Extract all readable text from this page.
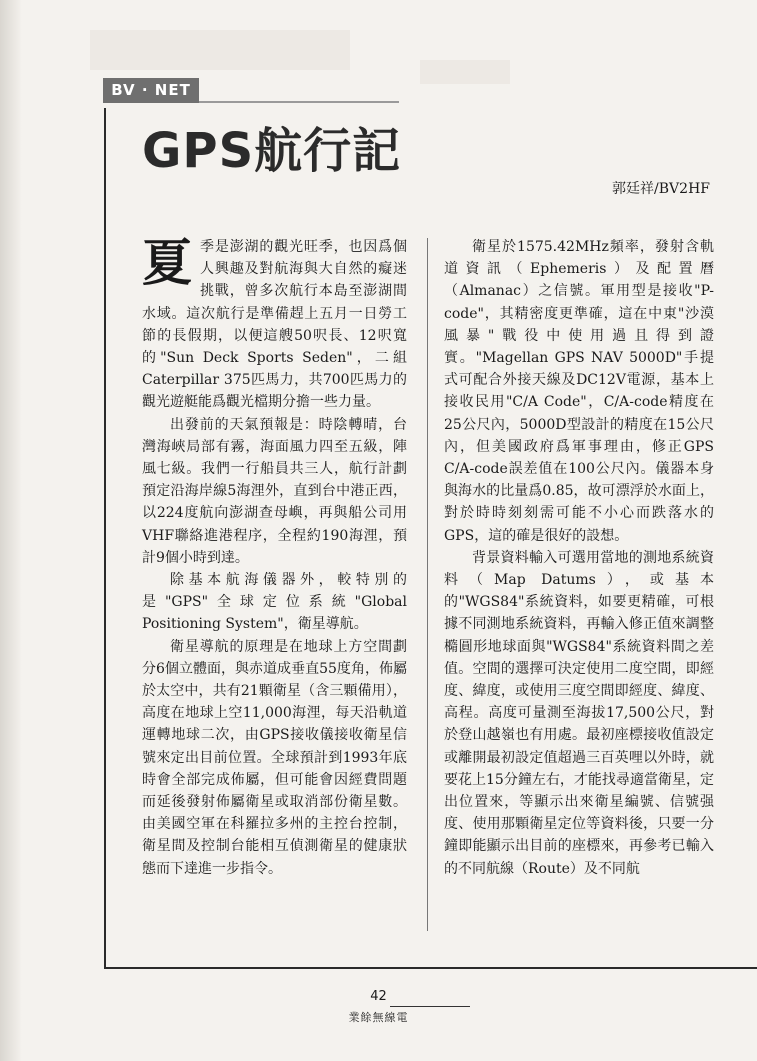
BV · NET
GPS航行記
郭廷祥/BV2HF

夏季是澎湖的觀光旺季，也因爲個人興趣及對航海與大自然的癡迷挑戰，曾多次航行本島至澎湖間水域。這次航行是準備趕上五月一日勞工節的長假期，以便這艘50呎長、12呎寬的"Sun Deck Sports Seden"，二組Caterpillar 375匹馬力，共700匹馬力的觀光遊艇能爲觀光檔期分擔一些力量。

出發前的天氣預報是：時陰轉晴，台灣海峽局部有霧，海面風力四至五級，陣風七級。我們一行船員共三人，航行計劃預定沿海岸線5海浬外，直到台中港正西，以224度航向澎湖查母嶼，再與船公司用VHF聯絡進港程序，全程約190海浬，預計9個小時到達。

除基本航海儀器外，較特別的是"GPS"全球定位系統"Global Positioning System"，衛星導航。

衛星導航的原理是在地球上方空間劃分6個立體面，與赤道成垂直55度角，佈屬於太空中，共有21顆衛星（含三顆備用），高度在地球上空11,000海浬，每天沿軌道運轉地球二次，由GPS接收儀接收衛星信號來定出目前位置。全球預計到1993年底時會全部完成佈屬，但可能會因經費問題而延後發射佈屬衛星或取消部份衛星數。由美國空軍在科羅拉多州的主控台控制，衛星間及控制台能相互偵測衛星的健康狀態而下達進一步指令。

衛星於1575.42MHz頻率，發射含軌道資訊（Ephemeris）及配置曆（Almanac）之信號。軍用型是接收"P-code"，其精密度更準確，這在中東"沙漠風暴"戰役中使用過且得到證實。"Magellan GPS NAV 5000D"手提式可配合外接天線及DC12V電源，基本上接收民用"C/A Code"，C/A-code精度在25公尺內，5000D型設計的精度在15公尺內，但美國政府爲軍事理由，修正GPS C/A-code誤差值在100公尺內。儀器本身與海水的比量爲0.85，故可漂浮於水面上，對於時時刻刻需可能不小心而跌落水的GPS，這的確是很好的設想。

背景資料輸入可選用當地的測地系統資料（Map Datums），或基本的"WGS84"系統資料，如要更精確，可根據不同測地系統資料，再輸入修正值來調整橢圓形地球面與"WGS84"系統資料間之差值。空間的選擇可決定使用二度空間，即經度、緯度，或使用三度空間即經度、緯度、高程。高度可量測至海拔17,500公尺，對於登山越嶺也有用處。最初座標接收值設定或離開最初設定值超過三百英哩以外時，就要花上15分鐘左右，才能找尋適當衛星，定出位置來，等顯示出來衛星編號、信號强度、使用那顆衛星定位等資料後，只要一分鐘即能顯示出目前的座標來，再參考已輸入的不同航線（Route）及不同航

42
業餘無線電
